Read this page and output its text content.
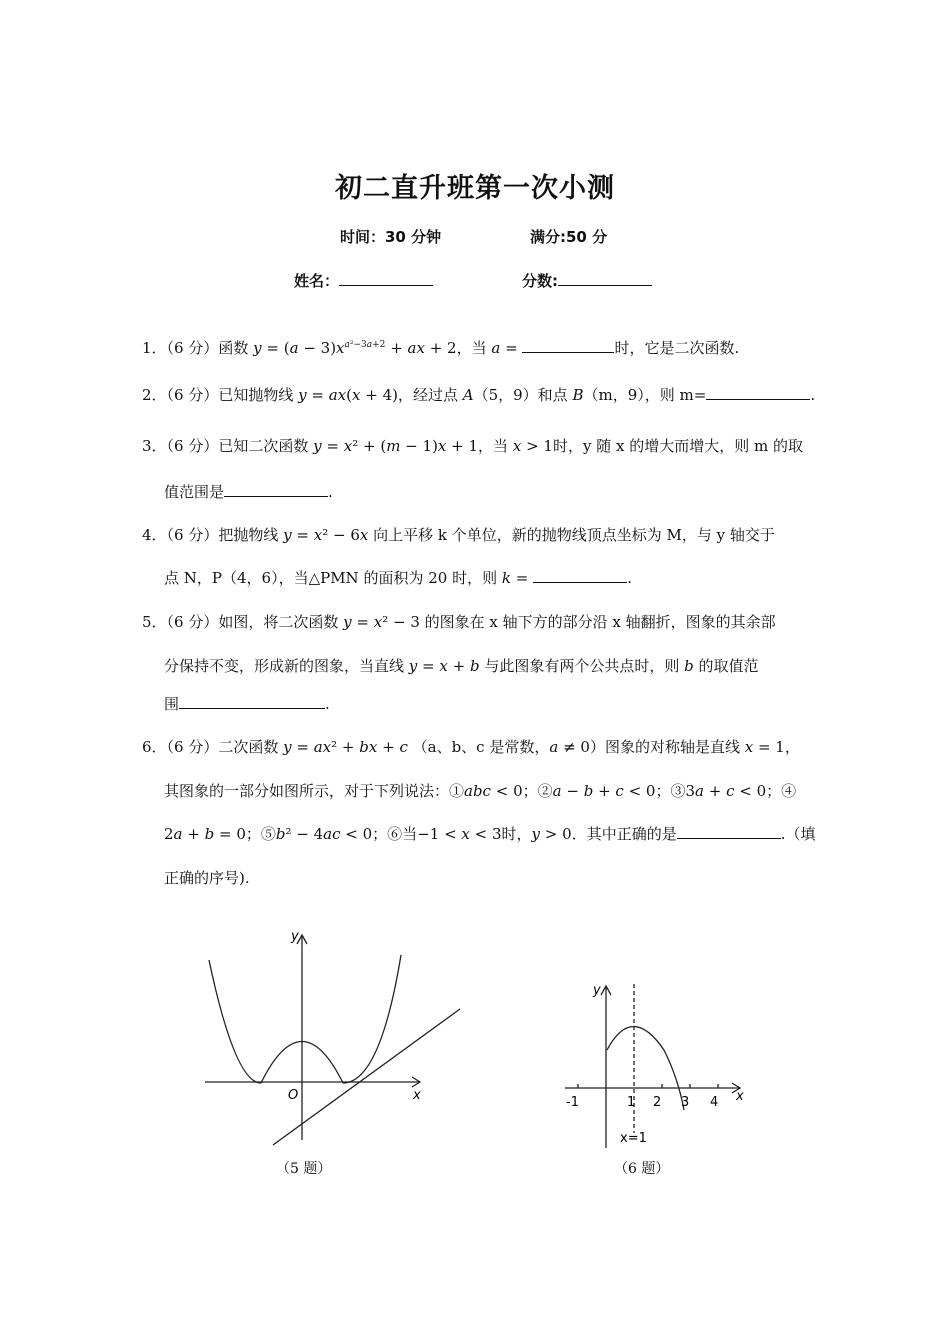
初二直升班第一次小测
时间：30 分钟	满分:50 分
姓名：	分数:
1．（6 分）函数 $y = (a - 3)x^{a^2-3a+2}$ + ax + 2，当 a =	时，它是二次函数.
2．（6 分）已知抛物线 y = ax(x + 4)，经过点 A（5，9）和点 B（m，9），则 m=	.
3．（6 分）已知二次函数 y = x² + (m − 1)x + 1，当 x > 1时，y 随 x 的增大而增大，则 m 的取
值范围是	.
4．（6 分）把抛物线 y = x² − 6x 向上平移 k 个单位，新的抛物线顶点坐标为 M，与 y 轴交于
点 N，P（4，6），当△PMN 的面积为 20 时，则 k =	.
5．（6 分）如图，将二次函数 y = x² − 3 的图象在 x 轴下方的部分沿 x 轴翻折，图象的其余部
分保持不变，形成新的图象，当直线 y = x + b 与此图象有两个公共点时，则 b 的取值范
围	.
6．（6 分）二次函数 y = ax² + bx + c （a、b、c 是常数，a ≠ 0）图象的对称轴是直线 x = 1，
其图象的一部分如图所示，对于下列说法：①abc < 0；②a − b + c < 0；③3a + c < 0；④
2a + b = 0；⑤b² − 4ac < 0；⑥当−1 < x < 3时，y > 0．其中正确的是	.（填
正确的序号).
y
O	x
（5 题）
y
x
-1	1 2 3 4
x=1
（6 题）
